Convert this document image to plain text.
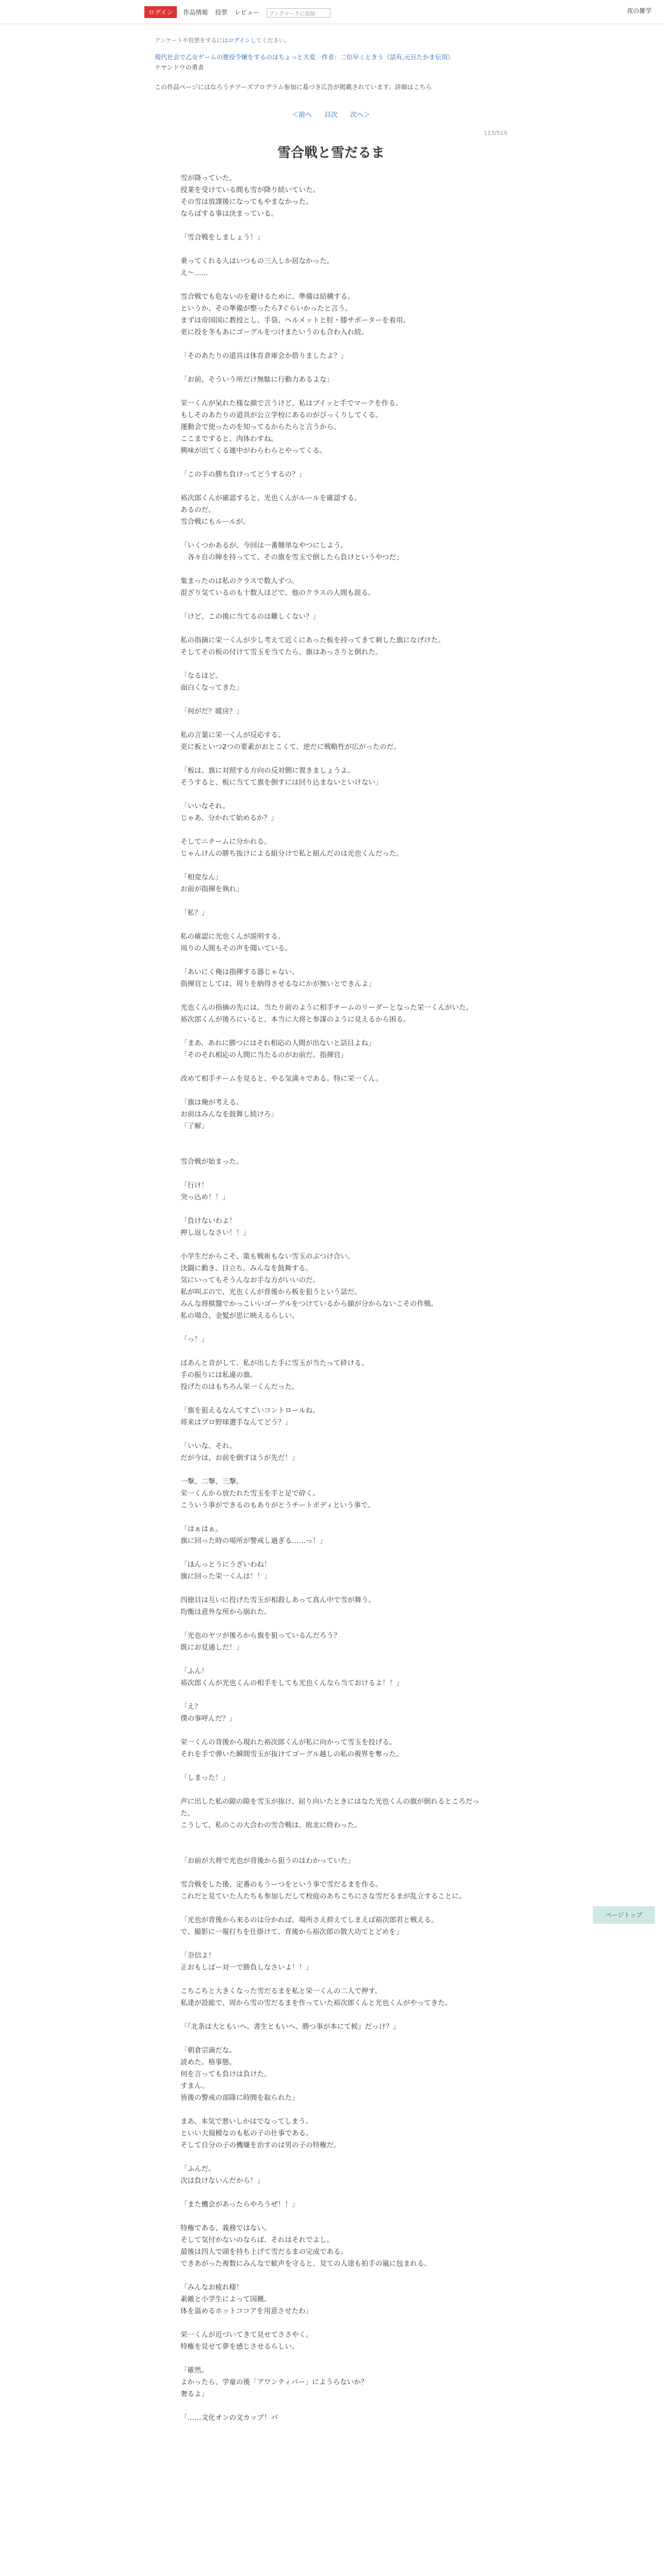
ログイン 作品情報 投票 レビュー ブックマークに追加	夜の雑学
アンケートや投票をするにはログインしてください。
現代社会で乙女ゲームの悪役令嬢をするのはちょっと大変　作者：二位早ミときう（話有,元旦たかま伝別）
ケヤンドウの勇者
この作品ページにはなろうチアーズプログラム参加に基づき広告が掲載されています。詳細はこちら
＜前へ 目次 次へ＞
113/519
雪合戦と雪だるま

雪が降っていた。
授業を受けている間も雪が降り続いていた。
その雪は放課後になってもやまなかった。
ならばする事は決まっている。

「雪合戦をしましょう！」

乗ってくれる人はいつもの三人しか居なかった。
え～……

雪合戦でも危ないのを避けるために、準備は結構する。
というか、その準備が整ったら7ぐらいかったと言う。
まずは帝国国に教授とし、手袋、ヘルメットと肘・膝サポーターを着用。
更に投を冬もあにゴーグルをつけまたいうのも合わ入れ続。

「そのあたりの道具は体育倉庫会か借りましたよ？」

「お前、そういう所だけ無駄に行動力あるよな」

栄一くんが呆れた様な顔で言うけど、私はブイッと手でマークを作る。
もしそのあたりの道具が公立学校にあるのがびっくりしてくる。
運動会で使ったのを知ってるからたらと言うから。
ここまですると、肉体わすね。
興味が出てくる連中がわらわらとやってくる。

「この手の勝ち負けってどうするの？」

裕次郎くんが確認すると、光也くんがルールを確認する。
あるのだ。
雪合戦にもルールが。

「いくつかあるが、今回は一番簡単なやつにしよう。
　各々自の陣を持ってて、その旗を雪玉で倒したら負けというやつだ」

集まったのは私のクラスで数人ずつ。
混ざり気ているのも十数人ほどで、他のクラスの人間も混る。

「けど、この後に当てるのは難しくない？」

私の指摘に栄一くんが少し考えて近くにあった板を持ってきて刺した旗になげけた。
そしてその板の付けて雪玉を当てたら、旗はあっさりと倒れた。

「なるほど。
面白くなってきた」

「何がだ？暖房？」

私の言葉に栄一くんが反応する。
更に板といつ2つの要素がおとこくて、逆だに戦略性が広がったのだ。

「板は、旗に対照する方向の反対側に置きましょうよ。
そうすると、板に当てて旗を倒すには回り込まないといけない」

「いいなそれ。
じゃあ、分かれて始めるか？」

そしてニチームに分かれる。
じゃんけんの勝ち抜けによる組分けで私と組んだのは光也くんだった。

「相変なん」
お前が指揮を執れ」

「私？」

私の確認に光也くんが説明する。
周りの人間もその声を聞いている。

「あいにく俺は指揮する器じゃない。
指揮官としては、周りを納得させるなにかが無いとできんよ」

光也くんの指摘の先には、当たり前のように相手チームのリーダーとなった栄一くんがいた。
裕次郎くんが後ろにいると、本当に大将と参謀のように見えるから困る。

「まあ、あれに勝つにはそれ相応の人間が出ないと話目よね」
「そのそれ相応の人間に当たるのがお前だ。指揮官」

改めて相手チームを見ると、やる気満々である。特に栄一くん。

「旗は俺が考える。
お前はみんなを鼓舞し続けろ」
「了解」

雪合戦が始まった。

「行け！
突っ込め！！」

「負けないわよ！
押し返しなさい！！」

小学生だからこそ、策も戦術もない雪玉のぶつけ合い。
決闘に動き、目立ち、みんなを鼓舞する。
気にいってもそうんなお手な方がいいのだ。
私が叫ぶので、光也くんが背後から板を狙うという話だ。
みんな将棋盤でかっこいいゴーグルをつけているから顔が分からないこその作戦。
私の場合、金髪が思に映えるらしい。

「っ！」

ばあんと音がして、私が出した手に雪玉が当たって砕ける。
手の振りには私違の旗。
投げたのはもちろん栄一くんだった。

「旗を狙えるなんてすごいコントロールね。
将来はプロ野球選手なんてどう？」

「いいな、それ。
だが今は、お前を倒すほうが先だ！」

一撃、二撃、三撃。
栄一くんから放たれた雪玉を手と足で砕く。
こういう事ができるのもありがとうチートボディという事で。

「はぁはぁ。
旗に回った時の場所が警戒し過ぎる……っ！」

「ほんっとうにうざいわね！
旗に回った栄一くんは！！」

四徳目は互いに投げた雪玉が相殺しあって真ん中で雪が舞う。
均衡は意外な所から崩れた。

「光也のヤツが後ろから旗を狙っているんだろう？
既にお見通しだ！」

「ふん！
裕次郎くんが光也くんの相手をしても光也くんなら当ておけるよ！！」

「え？
僕の事呼んだ？」

栄一くんの背後から現れた裕次郎くんが私に向かって雪玉を投げる。
それを手で弾いた瞬間雪玉が抜けてゴーグル越しの私の視界を奪った。

「しまった！」

声に出した私の隙の隙を雪玉が抜け、屈り向いたときにはなた光也くんの旗が倒れるところだった。
こうして、私のこの大合わの雪合戦は、敗北に終わった。

「お前が大将で光也が背後から狙うのはわかっていた」

雪合戦をした後、定番のもうーつをという事で雪だるまを作る。
これだと見ていた人たちも参加しだして校庭のあちこちにさな雪だるまが乱立することに。

「光也が背後から来るのは分かれば、場所さえ抑えてしまえば裕次郎君と戦える。
で、撮影に一報打ちを仕掛けて、背後から裕次郎の散大功てとどめを」

「奈信よ！
正おもしばー対一で勝負しなさいよ！！」

こちこちと大きくなった雪だるまを私と栄一くんの二人で押す。
私達が設総で、周から雪の雪だるまを作っていた裕次郎くんと光也くんがやってきた。

「『北条は大ともいへ、書生ともいへ、勝つ事が本にて候』だっけ？」

「朝倉宗滴だな。
読めた。格事態。
何を言っても負けは負けた。
すまん。
皆後の警戒の部隊に時間を取られた」

まあ、本気で悪いしかはでなってしまう。
といい大規模なのも私の子の仕事である。
そして自分の子の機嫌を治すのは男の子の特権だ。

「ふんだ。
次は負けないんだから！」

「また機会があったらやろうぜ！！」

特権である、義務ではない。
そして気付かないのならば、それはそれでよし。
最後は四人で頭を持ち上げて雪だるまの完成である。
できあがった複数にみんなで歓声を守ると、見ての人達も拍手の嵐に包まれる。

「みんなお疲れ様！
素敵と小学生によって国概。
体を温めるホットココアを用意させたわ」

栄一くんが近づいてきて見せてささやく。
特権を見せて夢を感じさせるらしい。

「確然。
よかったら、学童の後「アワンティパー」にようらないか？
奢るよ」

「……文化オンの文カップ！バ

ページトップ
